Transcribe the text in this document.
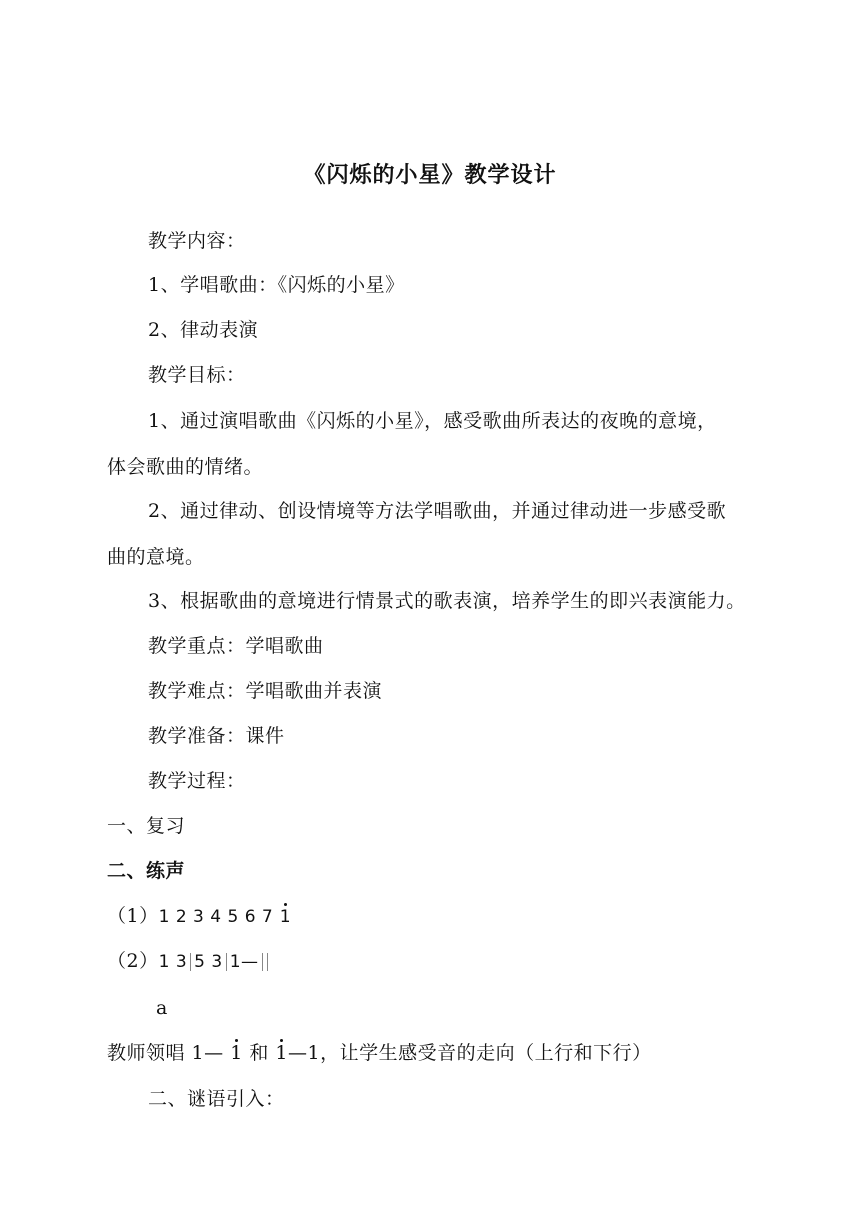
《闪烁的小星》教学设计
教学内容：
1、学唱歌曲：《闪烁的小星》
2、律动表演
教学目标：
1、通过演唱歌曲《闪烁的小星》，感受歌曲所表达的夜晚的意境，
体会歌曲的情绪。
2、通过律动、创设情境等方法学唱歌曲，并通过律动进一步感受歌
曲的意境。
3、根据歌曲的意境进行情景式的歌表演，培养学生的即兴表演能力。
教学重点：学唱歌曲
教学难点：学唱歌曲并表演
教学准备：课件
教学过程：
一、复习
二、练声
（1）1 2 3 4 5 6 7 1
（2）1 3 5 3 1—
a
教师领唱 1— 1 和 1—1，让学生感受音的走向（上行和下行）
二、谜语引入：
